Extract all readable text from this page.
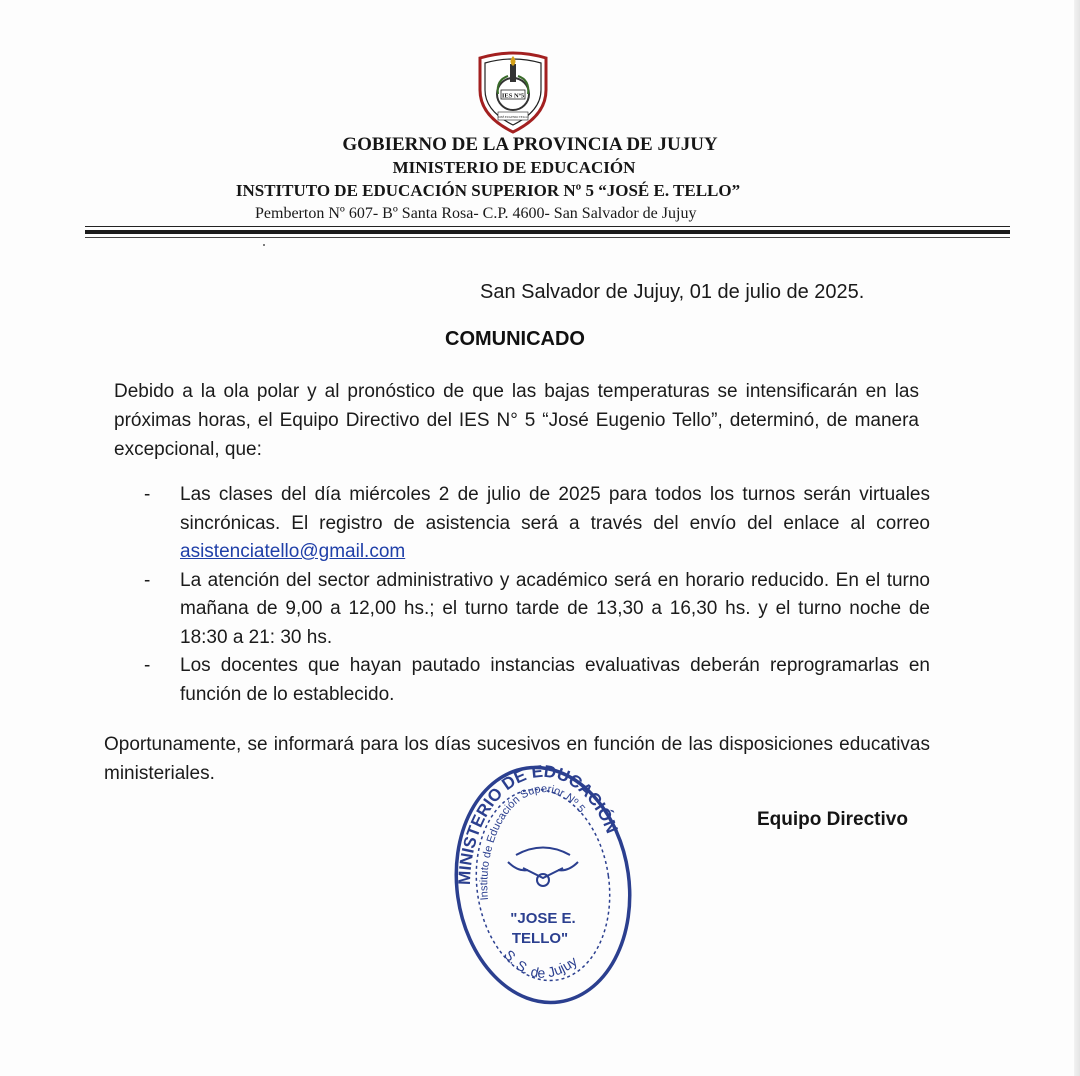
IES Nº5
JOSÉ EUGENIO TELLO
GOBIERNO DE LA PROVINCIA DE JUJUY
MINISTERIO DE EDUCACIÓN
INSTITUTO DE EDUCACIÓN SUPERIOR Nº 5 “JOSÉ E. TELLO”
Pemberton Nº 607- Bº Santa Rosa- C.P. 4600- San Salvador de Jujuy
San Salvador de Jujuy, 01 de julio de 2025.
COMUNICADO
Debido a la ola polar y al pronóstico de que las bajas temperaturas se intensificarán en las próximas horas, el Equipo Directivo del IES N° 5 “José Eugenio Tello”, determinó, de manera excepcional, que:
- Las clases del día miércoles 2 de julio de 2025 para todos los turnos serán virtuales sincrónicas. El registro de asistencia será a través del envío del enlace al correo asistenciatello@gmail.com
- La atención del sector administrativo y académico será en horario reducido. En el turno mañana de 9,00 a 12,00 hs.; el turno tarde de 13,30 a 16,30 hs. y el turno noche de 18:30 a 21: 30 hs.
- Los docentes que hayan pautado instancias evaluativas deberán reprogramarlas en función de lo establecido.
Oportunamente, se informará para los días sucesivos en función de las disposiciones educativas ministeriales.
MINISTERIO DE EDUCACIÓN
Instituto de Educación Superior Nº 5
"JOSE E.
TELLO"
S. S. de Jujuy
Equipo Directivo
